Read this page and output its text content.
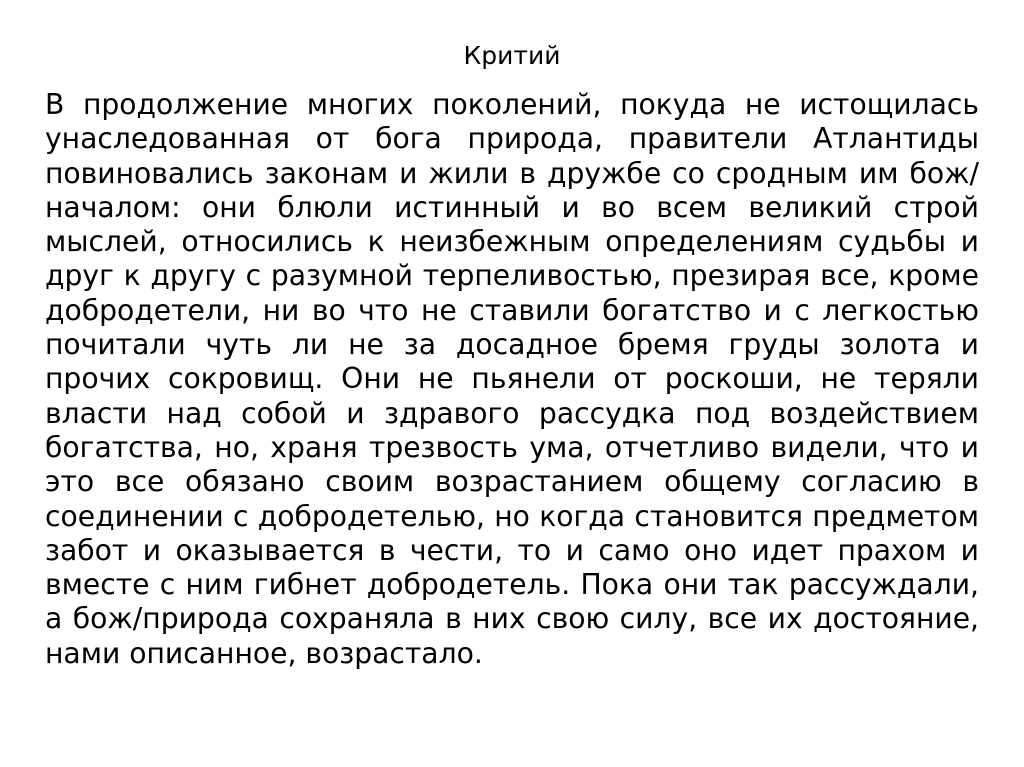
Критий

В продолжение многих поколений, покуда не истощилась унаследованная от бога природа, правители Атлантиды повиновались законам и жили в дружбе со сродным им бож/началом: они блюли истинный и во всем великий строй мыслей, относились к неизбежным определениям судьбы и друг к другу с разумной терпеливостью, презирая все, кроме добродетели, ни во что не ставили богатство и с легкостью почитали чуть ли не за досадное бремя груды золота и прочих сокровищ. Они не пьянели от роскоши, не теряли власти над собой и здравого рассудка под воздействием богатства, но, храня трезвость ума, отчетливо видели, что и это все обязано своим возрастанием общему согласию в соединении с добродетелью, но когда становится предметом забот и оказывается в чести, то и само оно идет прахом и вместе с ним гибнет добродетель. Пока они так рассуждали, а бож/природа сохраняла в них свою силу, все их достояние, нами описанное, возрастало.
